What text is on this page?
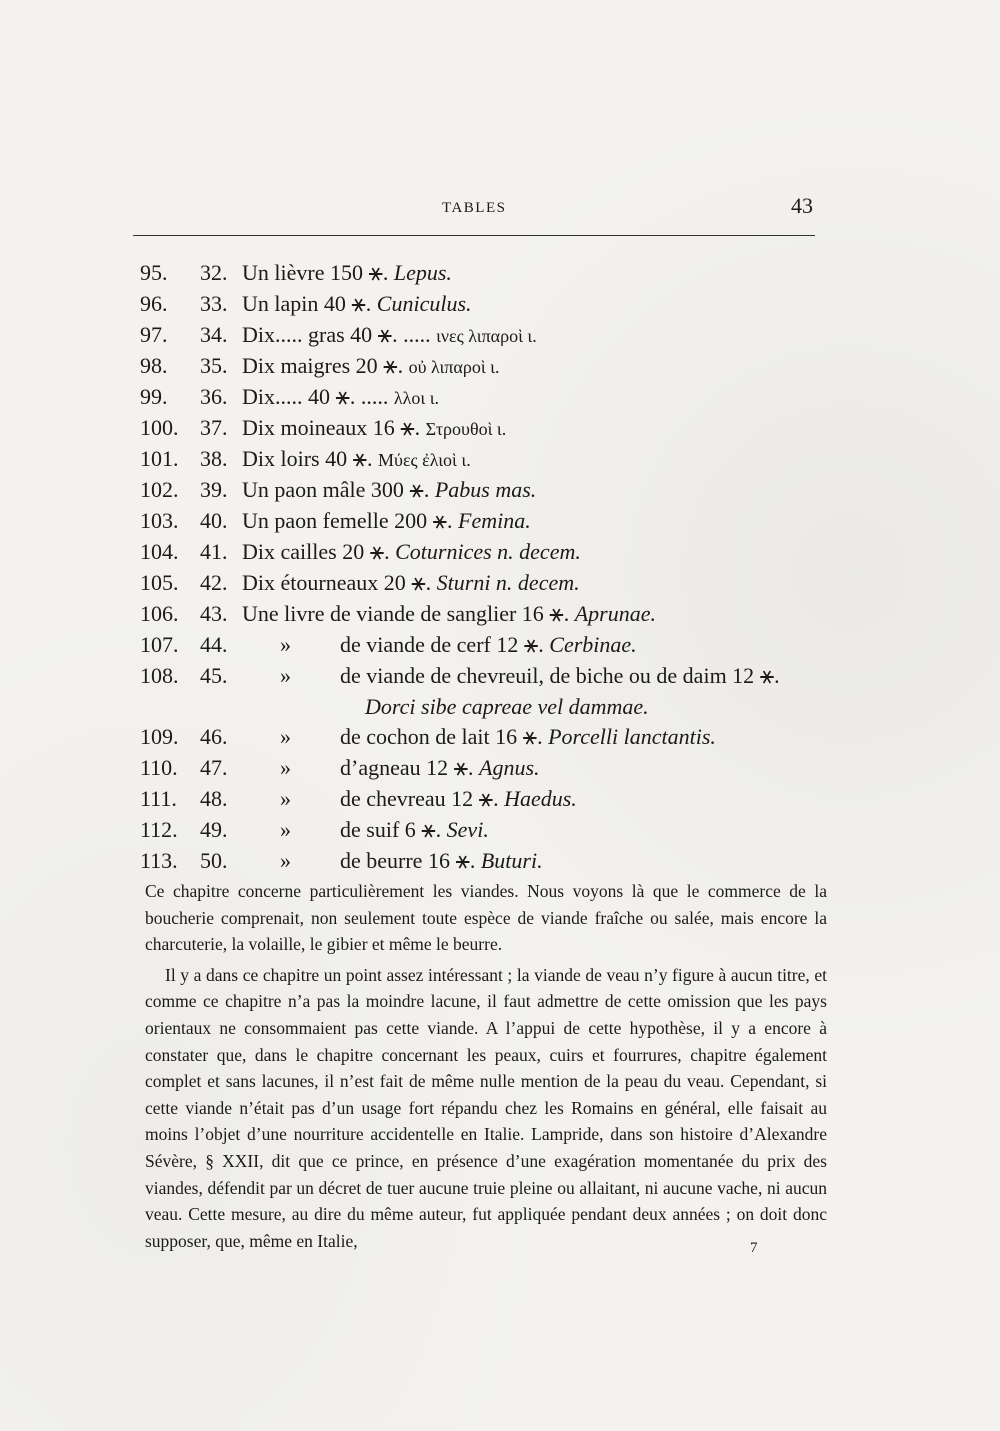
TABLES	43
95.	32. Un lièvre 150 ⚹. Lepus.
96.	33. Un lapin 40 ⚹. Cuniculus.
97.	34. Dix..... gras 40 ⚹. ..... ινες λιπαροὶ ι.
98.	35. Dix maigres 20 ⚹. οὐ λιπαροὶ ι.
99.	36. Dix..... 40 ⚹. ..... λλοι ι.
100. 37. Dix moineaux 16 ⚹. Στρουθοὶ ι.
101. 38. Dix loirs 40 ⚹. Μύες ἐλιοὶ ι.
102. 39. Un paon mâle 300 ⚹. Pabus mas.
103. 40. Un paon femelle 200 ⚹. Femina.
104. 41. Dix cailles 20 ⚹. Coturnices n. decem.
105. 42. Dix étourneaux 20 ⚹. Sturni n. decem.
106. 43. Une livre de viande de sanglier 16 ⚹. Aprunae.
107. 44.	» de viande de cerf 12 ⚹. Cerbinae.
108. 45.	» de viande de chevreuil, de biche ou de daim 12 ⚹.
Dorci sibe capreae vel dammae.
109. 46.	» de cochon de lait 16 ⚹. Porcelli lanctantis.
110.	47.	» d’agneau 12 ⚹. Agnus.
111.	48.	» de chevreau 12 ⚹. Haedus.
112.	49.	» de suif 6 ⚹. Sevi.
113.	50.	» de beurre 16 ⚹. Buturi.

Ce chapitre concerne particulièrement les viandes. Nous voyons là que le commerce de la boucherie comprenait, non seulement toute espèce de viande fraîche ou salée, mais encore la charcuterie, la volaille, le gibier et même le beurre.

Il y a dans ce chapitre un point assez intéressant ; la viande de veau n’y figure à aucun titre, et comme ce chapitre n’a pas la moindre lacune, il faut admettre de cette omission que les pays orientaux ne consommaient pas cette viande. A l’appui de cette hypothèse, il y a encore à constater que, dans le chapitre concernant les peaux, cuirs et fourrures, chapitre également complet et sans lacunes, il n’est fait de même nulle mention de la peau du veau. Cependant, si cette viande n’était pas d’un usage fort répandu chez les Romains en général, elle faisait au moins l’objet d’une nourriture accidentelle en Italie. Lampride, dans son histoire d’Alexandre Sévère, § XXII, dit que ce prince, en présence d’une exagération momentanée du prix des viandes, défendit par un décret de tuer aucune truie pleine ou allaitant, ni aucune vache, ni aucun veau. Cette mesure, au dire du même auteur, fut appliquée pendant deux années ; on doit donc supposer, que, même en Italie,	7
